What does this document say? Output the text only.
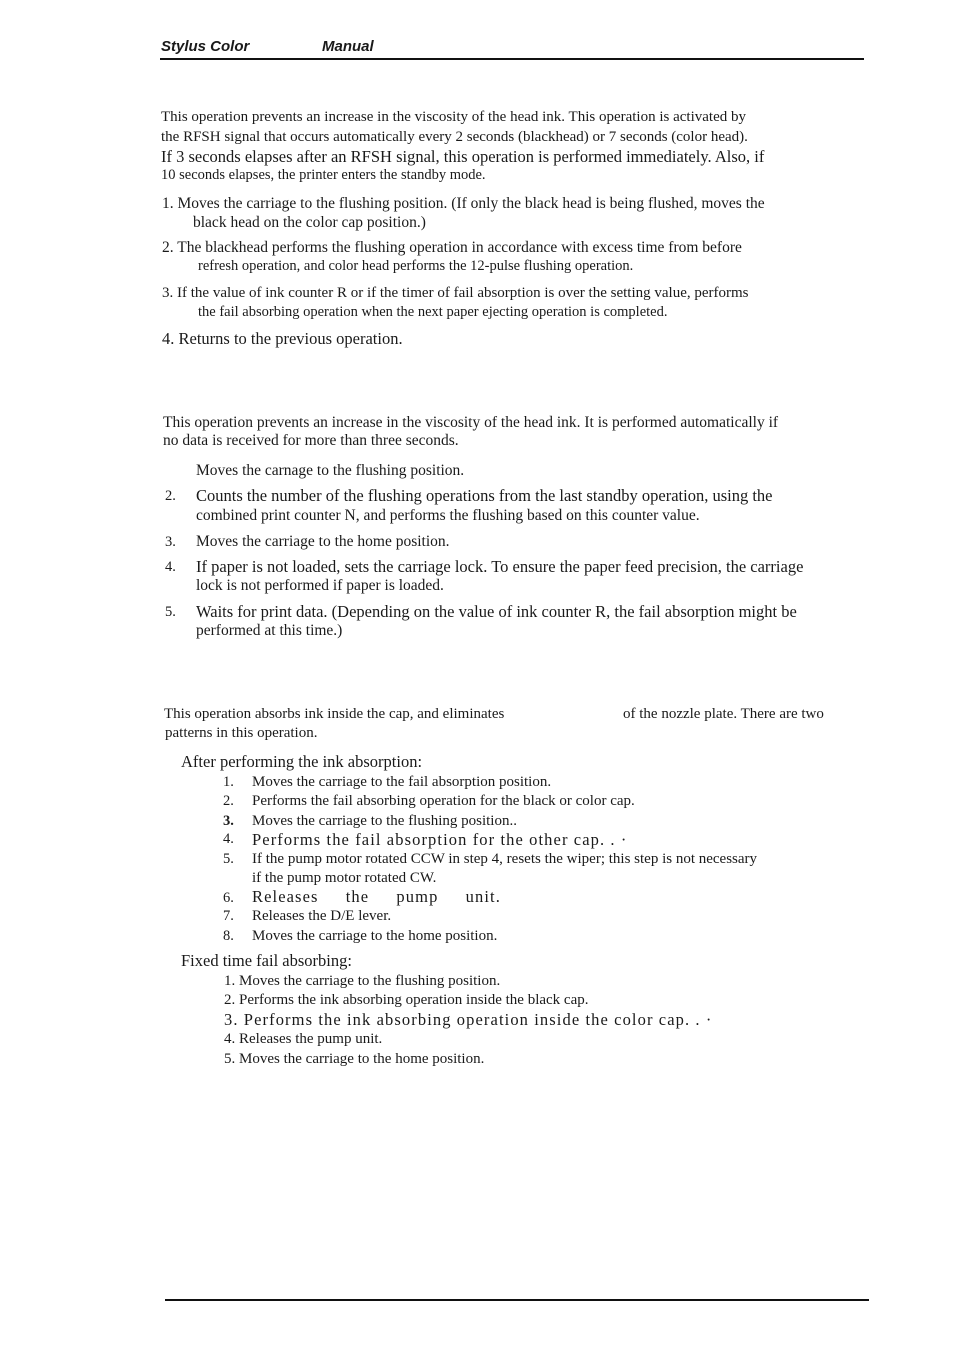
Stylus Color	Manual
This operation prevents an increase in the viscosity of the head ink. This operation is activated by
the RFSH signal that occurs automatically every 2 seconds (blackhead) or 7 seconds (color head).
If 3 seconds elapses after an RFSH signal, this operation is performed immediately. Also, if
10 seconds elapses, the printer enters the standby mode.
1. Moves the carriage to the flushing position. (If only the black head is being flushed, moves the
black head on the color cap position.)
2. The blackhead performs the flushing operation in accordance with excess time from before
refresh operation, and color head performs the 12-pulse flushing operation.
3. If the value of ink counter R or if the timer of fail absorption is over the setting value, performs
the fail absorbing operation when the next paper ejecting operation is completed.
4. Returns to the previous operation.
This operation prevents an increase in the viscosity of the head ink. It is performed automatically if
no data is received for more than three seconds.
Moves the carnage to the flushing position.
2. Counts the number of the flushing operations from the last standby operation, using the
combined print counter N, and performs the flushing based on this counter value.
3. Moves the carriage to the home position.
4. If paper is not loaded, sets the carriage lock. To ensure the paper feed precision, the carriage
lock is not performed if paper is loaded.
5. Waits for print data. (Depending on the value of ink counter R, the fail absorption might be
performed at this time.)
This operation absorbs ink inside the cap, and eliminates	of the nozzle plate. There are two
patterns in this operation.
After performing the ink absorption:
1. Moves the carriage to the fail absorption position.
2. Performs the fail absorbing operation for the black or color cap.
3. Moves the carriage to the flushing position..
4. Performs the fail absorption for the other cap. . ·
5. If the pump motor rotated CCW in step 4, resets the wiper; this step is not necessary
if the pump motor rotated CW.
6. Releases the pump unit.
7. Releases the D/E lever.
8. Moves the carriage to the home position.
Fixed time fail absorbing:
1. Moves the carriage to the flushing position.
2. Performs the ink absorbing operation inside the black cap.
3. Performs the ink absorbing operation inside the color cap. . ·
4. Releases the pump unit.
5. Moves the carriage to the home position.
